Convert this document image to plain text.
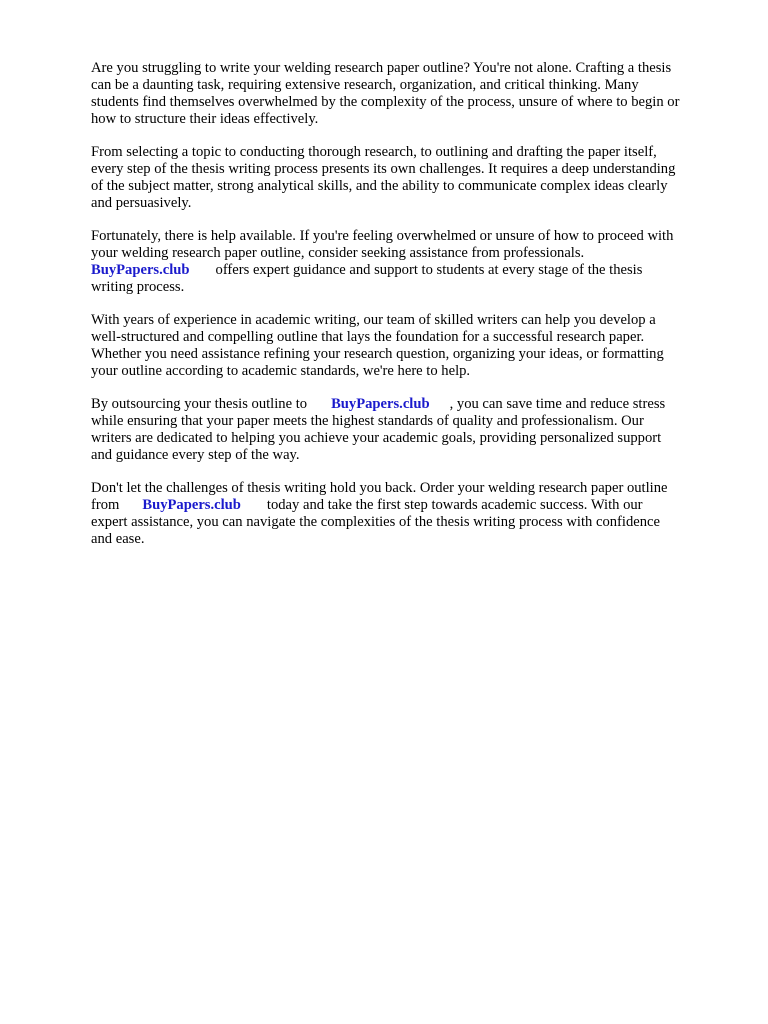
Are you struggling to write your welding research paper outline? You're not alone. Crafting a thesis
can be a daunting task, requiring extensive research, organization, and critical thinking. Many
students find themselves overwhelmed by the complexity of the process, unsure of where to begin or
how to structure their ideas effectively.

From selecting a topic to conducting thorough research, to outlining and drafting the paper itself,
every step of the thesis writing process presents its own challenges. It requires a deep understanding
of the subject matter, strong analytical skills, and the ability to communicate complex ideas clearly
and persuasively.

Fortunately, there is help available. If you're feeling overwhelmed or unsure of how to proceed with
your welding research paper outline, consider seeking assistance from professionals.
BuyPapers.club offers expert guidance and support to students at every stage of the thesis
writing process.

With years of experience in academic writing, our team of skilled writers can help you develop a
well-structured and compelling outline that lays the foundation for a successful research paper.
Whether you need assistance refining your research question, organizing your ideas, or formatting
your outline according to academic standards, we're here to help.

By outsourcing your thesis outline to BuyPapers.club , you can save time and reduce stress
while ensuring that your paper meets the highest standards of quality and professionalism. Our
writers are dedicated to helping you achieve your academic goals, providing personalized support
and guidance every step of the way.

Don't let the challenges of thesis writing hold you back. Order your welding research paper outline
from BuyPapers.club today and take the first step towards academic success. With our
expert assistance, you can navigate the complexities of the thesis writing process with confidence
and ease.
